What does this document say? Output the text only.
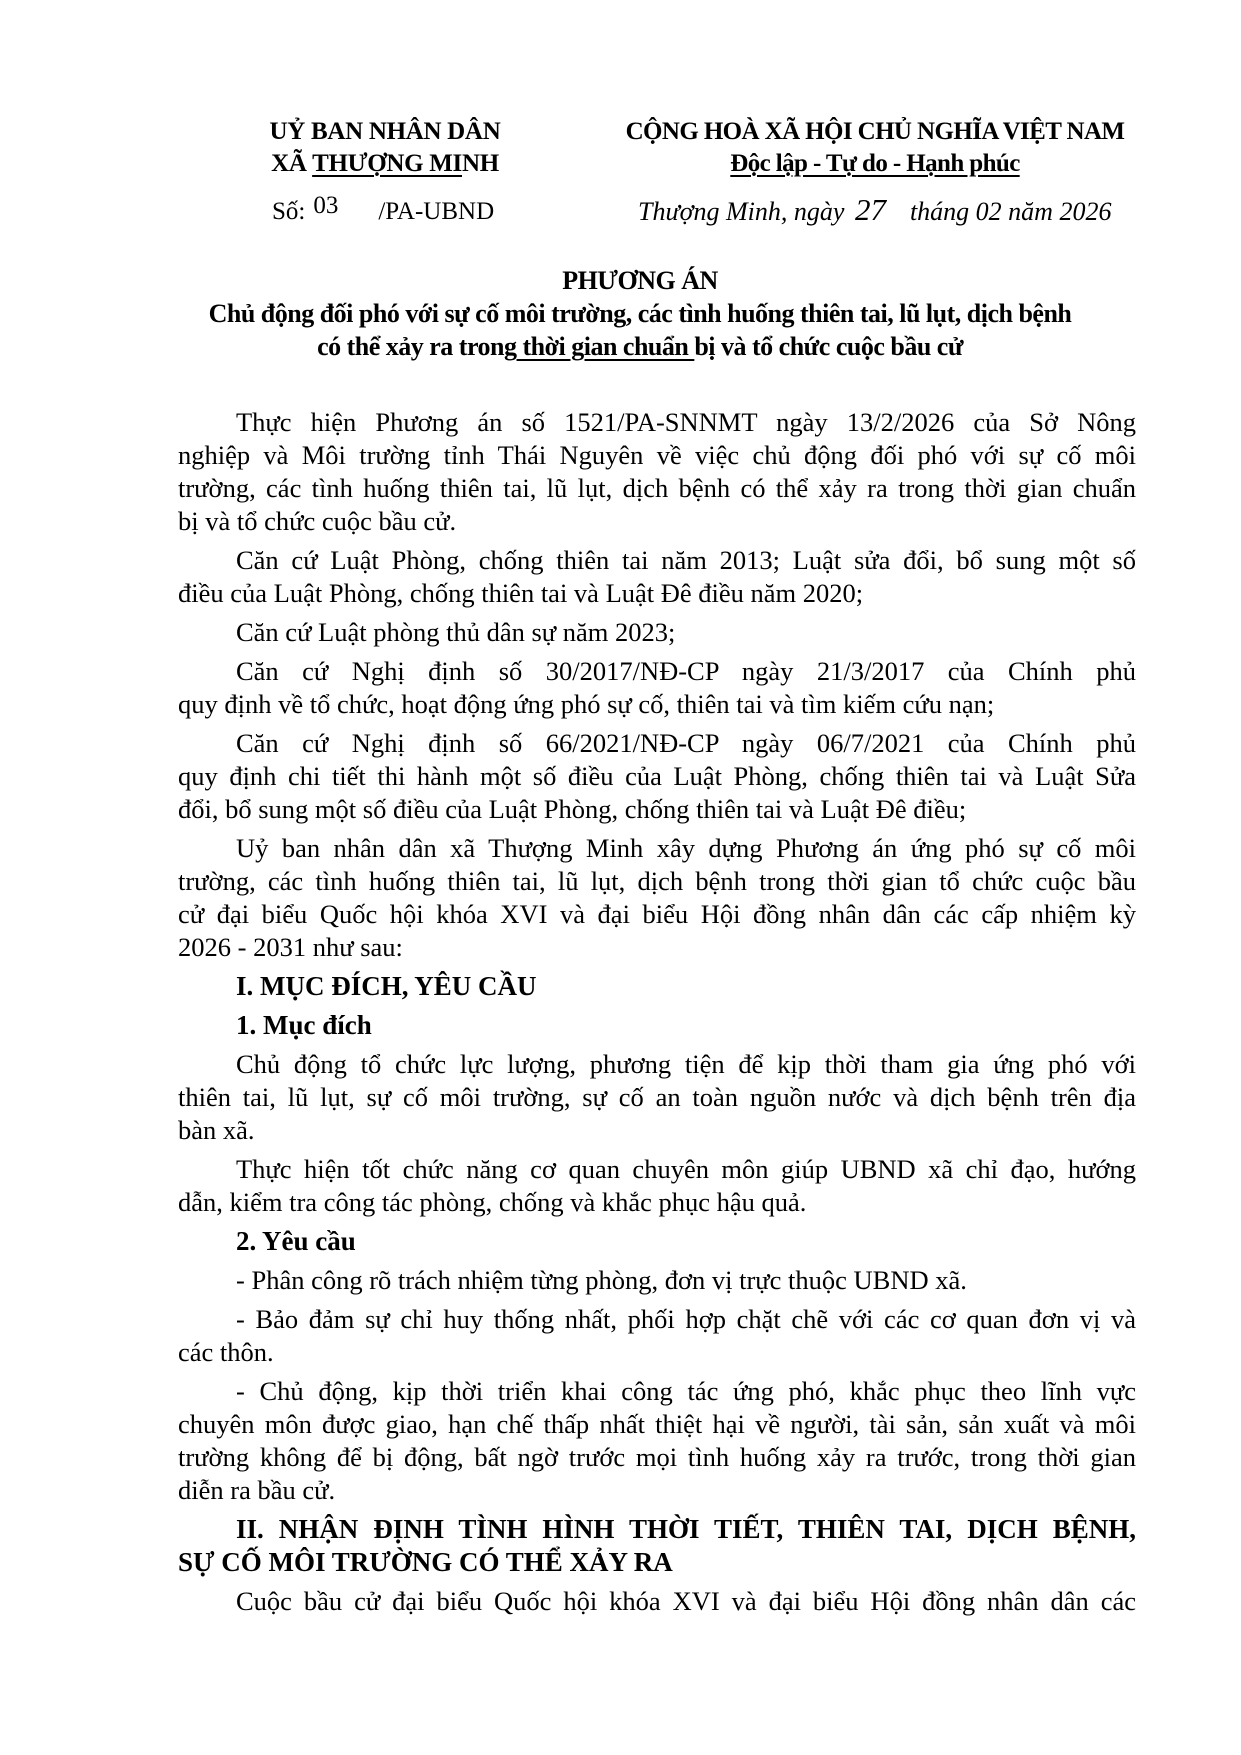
UỶ BAN NHÂN DÂN
XÃ THƯỢNG MINH
CỘNG HOÀ XÃ HỘI CHỦ NGHĨA VIỆT NAM
Độc lập - Tự do - Hạnh phúc
Số: 03 /PA-UBND	Thượng Minh, ngày 27 tháng 02 năm 2026
PHƯƠNG ÁN
Chủ động đối phó với sự cố môi trường, các tình huống thiên tai, lũ lụt, dịch bệnh
có thể xảy ra trong thời gian chuẩn bị và tổ chức cuộc bầu cử
Thực hiện Phương án số 1521/PA-SNNMT ngày 13/2/2026 của Sở Nông
nghiệp và Môi trường tỉnh Thái Nguyên về việc chủ động đối phó với sự cố môi
trường, các tình huống thiên tai, lũ lụt, dịch bệnh có thể xảy ra trong thời gian chuẩn
bị và tổ chức cuộc bầu cử.
Căn cứ Luật Phòng, chống thiên tai năm 2013; Luật sửa đổi, bổ sung một số
điều của Luật Phòng, chống thiên tai và Luật Đê điều năm 2020;
Căn cứ Luật phòng thủ dân sự năm 2023;
Căn cứ Nghị định số 30/2017/NĐ-CP ngày 21/3/2017 của Chính phủ
quy định về tổ chức, hoạt động ứng phó sự cố, thiên tai và tìm kiếm cứu nạn;
Căn cứ Nghị định số 66/2021/NĐ-CP ngày 06/7/2021 của Chính phủ
quy định chi tiết thi hành một số điều của Luật Phòng, chống thiên tai và Luật Sửa
đổi, bổ sung một số điều của Luật Phòng, chống thiên tai và Luật Đê điều;
Uỷ ban nhân dân xã Thượng Minh xây dựng Phương án ứng phó sự cố môi
trường, các tình huống thiên tai, lũ lụt, dịch bệnh trong thời gian tổ chức cuộc bầu
cử đại biểu Quốc hội khóa XVI và đại biểu Hội đồng nhân dân các cấp nhiệm kỳ
2026 - 2031 như sau:
I. MỤC ĐÍCH, YÊU CẦU
1. Mục đích
Chủ động tổ chức lực lượng, phương tiện để kịp thời tham gia ứng phó với
thiên tai, lũ lụt, sự cố môi trường, sự cố an toàn nguồn nước và dịch bệnh trên địa
bàn xã.
Thực hiện tốt chức năng cơ quan chuyên môn giúp UBND xã chỉ đạo, hướng
dẫn, kiểm tra công tác phòng, chống và khắc phục hậu quả.
2. Yêu cầu
- Phân công rõ trách nhiệm từng phòng, đơn vị trực thuộc UBND xã.
- Bảo đảm sự chỉ huy thống nhất, phối hợp chặt chẽ với các cơ quan đơn vị và
các thôn.
- Chủ động, kịp thời triển khai công tác ứng phó, khắc phục theo lĩnh vực
chuyên môn được giao, hạn chế thấp nhất thiệt hại về người, tài sản, sản xuất và môi
trường không để bị động, bất ngờ trước mọi tình huống xảy ra trước, trong thời gian
diễn ra bầu cử.
II. NHẬN ĐỊNH TÌNH HÌNH THỜI TIẾT, THIÊN TAI, DỊCH BỆNH,
SỰ CỐ MÔI TRƯỜNG CÓ THỂ XẢY RA
Cuộc bầu cử đại biểu Quốc hội khóa XVI và đại biểu Hội đồng nhân dân các
